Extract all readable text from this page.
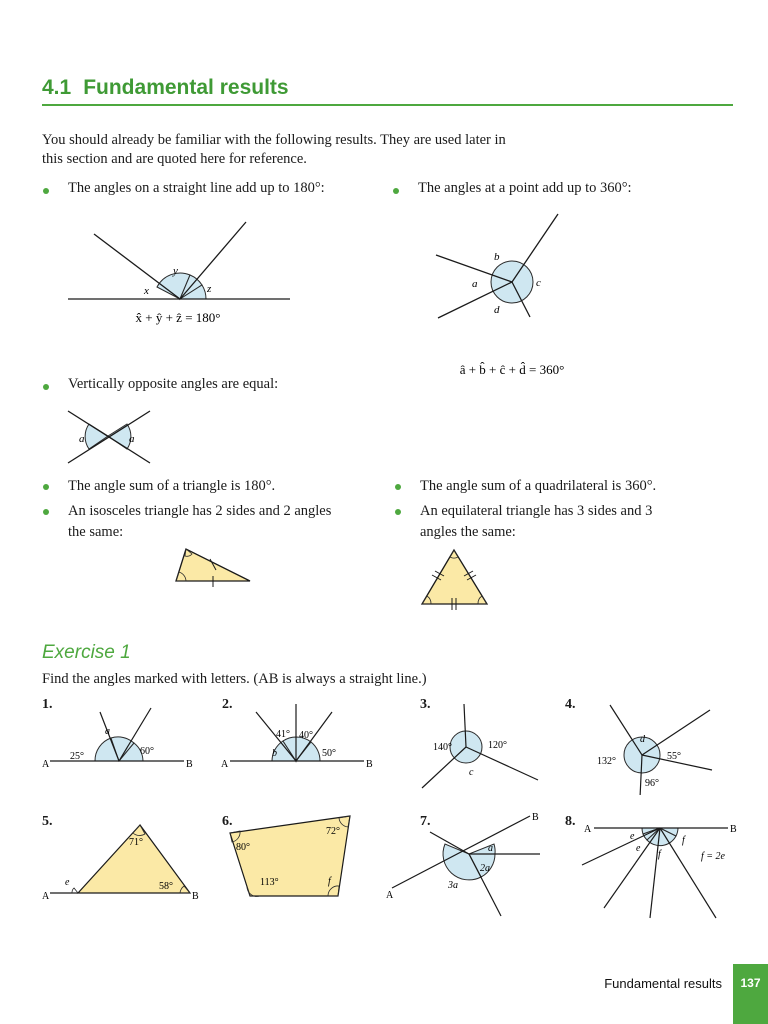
4.1 Fundamental results
You should already be familiar with the following results. They are used later in this section and are quoted here for reference.
The angles on a straight line add up to 180°:	The angles at a point add up to 360°:
x
y
z
x̂ + ŷ + ẑ = 180°
b
a	c
d
â + b̂ + ĉ + d̂ = 360°
Vertically opposite angles are equal:
a	a
The angle sum of a triangle is 180°.	The angle sum of a quadrilateral is 360°.
An isosceles triangle has 2 sides and 2 angles
the same:
An equilateral triangle has 3 sides and 3
angles the same:
Exercise 1
Find the angles marked with letters. (AB is always a straight line.)
1.
A	B
a
25°	60°
2.
A	B
b
41° 40°
50°
3.
140°	120°
c
4.
d
132°	55°
96°
5.
A	B
e
71°
58°
6.
80°
72°
113°	f
7.
A
B
a
2a
3a
8.
A	B
e
e
f
f	f = 2e
Fundamental results	137
